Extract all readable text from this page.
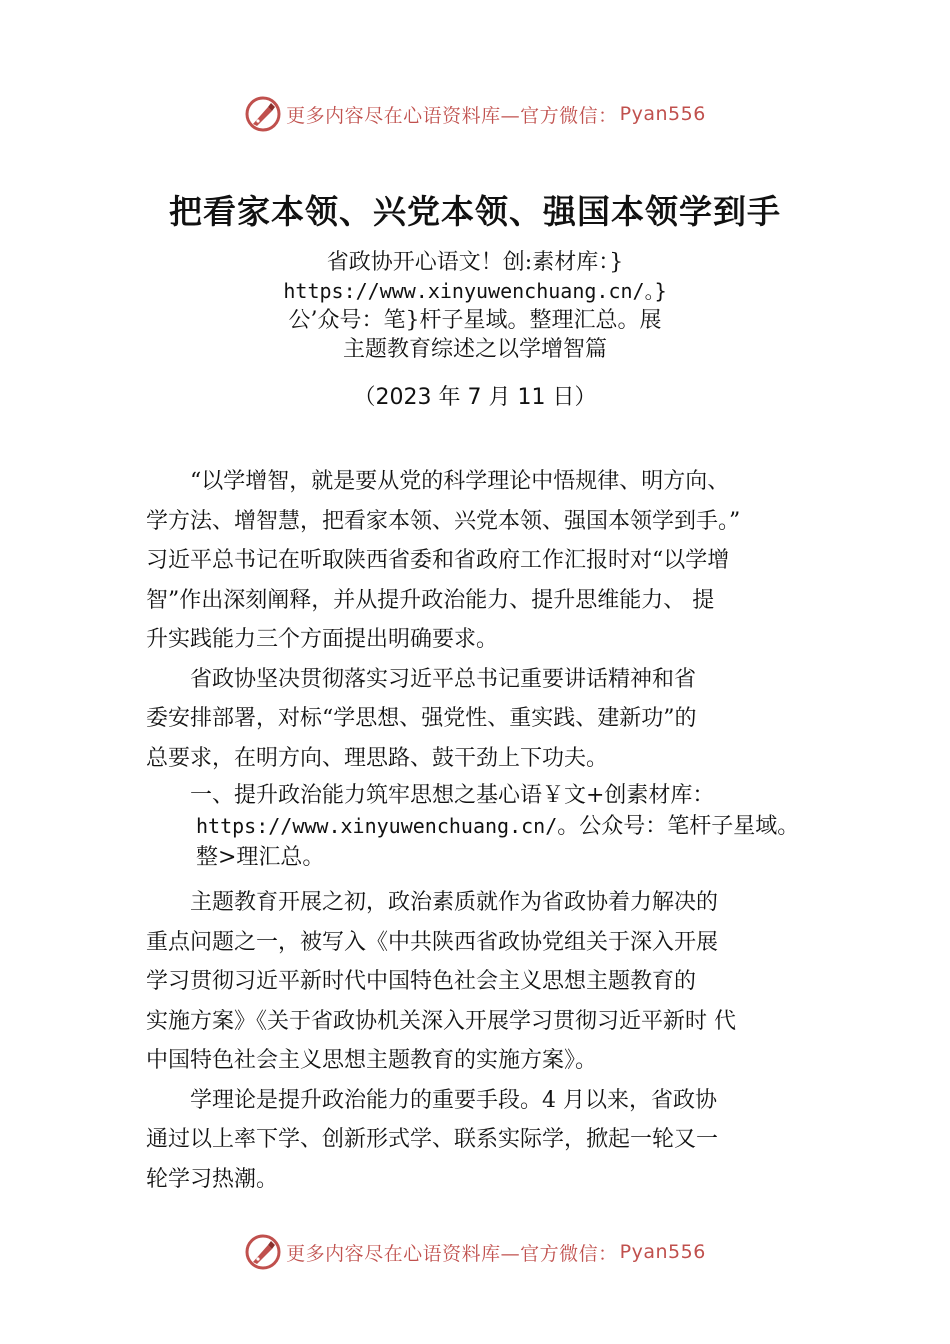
更多内容尽在心语资料库—官方微信： Pyan556
把看家本领、兴党本领、强国本领学到手
省政协开心语文！创:素材库：}
https://www.xinyuwenchuang.cn/。}
公’众号：笔}杆子星域。整理汇总。展
主题教育综述之以学增智篇
（2023 年 7 月 11 日）
“以学增智，就是要从党的科学理论中悟规律、明方向、
学方法、增智慧，把看家本领、兴党本领、强国本领学到手。”
习近平总书记在听取陕西省委和省政府工作汇报时对“以学增
智”作出深刻阐释，并从提升政治能力、提升思维能力、 提
升实践能力三个方面提出明确要求。
省政协坚决贯彻落实习近平总书记重要讲话精神和省
委安排部署，对标“学思想、强党性、重实践、建新功”的
总要求，在明方向、理思路、鼓干劲上下功夫。
一、提升政治能力筑牢思想之基心语￥文+创素材库：
https://www.xinyuwenchuang.cn/。公众号：笔杆子星域。
整>理汇总。
主题教育开展之初，政治素质就作为省政协着力解决的
重点问题之一，被写入《中共陕西省政协党组关于深入开展
学习贯彻习近平新时代中国特色社会主义思想主题教育的
实施方案》《关于省政协机关深入开展学习贯彻习近平新时 代
中国特色社会主义思想主题教育的实施方案》。
学理论是提升政治能力的重要手段。4 月以来，省政协
通过以上率下学、创新形式学、联系实际学，掀起一轮又一
轮学习热潮。
更多内容尽在心语资料库—官方微信： Pyan556
